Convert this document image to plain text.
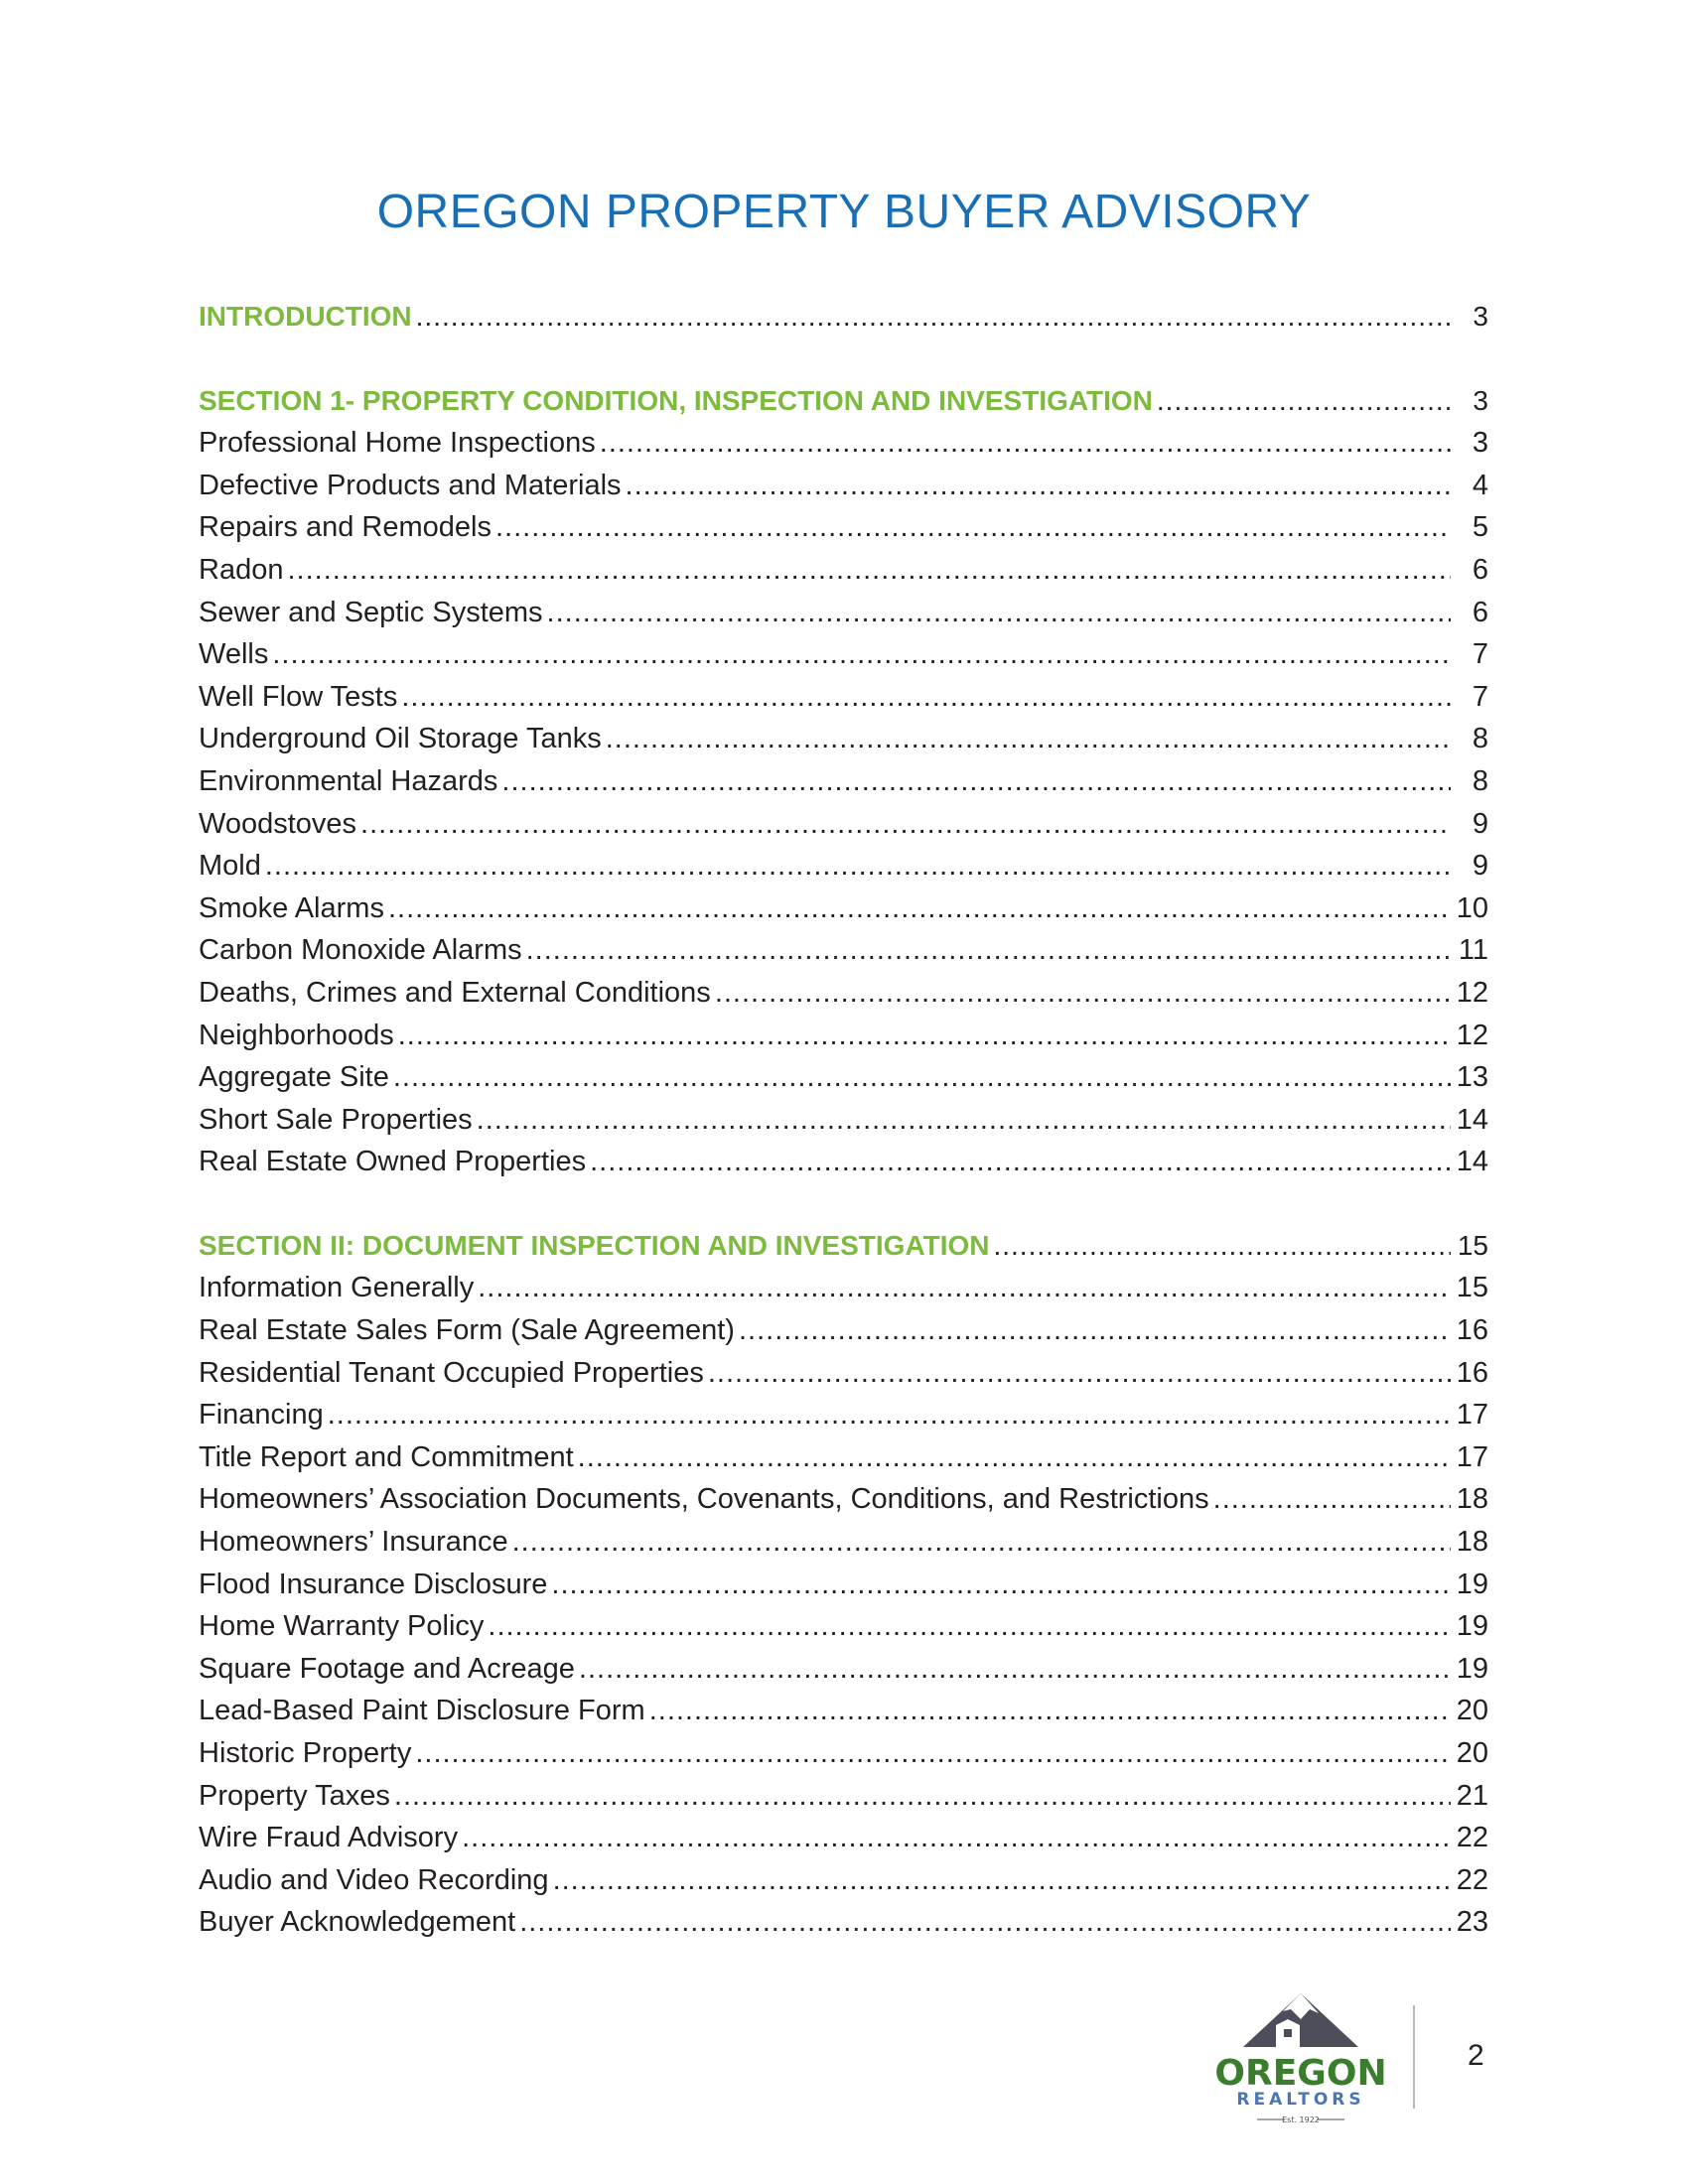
OREGON PROPERTY BUYER ADVISORY
INTRODUCTION .....	3
SECTION 1- PROPERTY CONDITION, INSPECTION AND INVESTIGATION .....	3
Professional Home Inspections .....	3
Defective Products and Materials .....	4
Repairs and Remodels .....	5
Radon .....	6
Sewer and Septic Systems .....	6
Wells .....	7
Well Flow Tests .....	7
Underground Oil Storage Tanks .....	8
Environmental Hazards .....	8
Woodstoves .....	9
Mold .....	9
Smoke Alarms .....	10
Carbon Monoxide Alarms .....	11
Deaths, Crimes and External Conditions .....	12
Neighborhoods .....	12
Aggregate Site .....	13
Short Sale Properties .....	14
Real Estate Owned Properties .....	14
SECTION II: DOCUMENT INSPECTION AND INVESTIGATION .....	15
Information Generally .....	15
Real Estate Sales Form (Sale Agreement) .....	16
Residential Tenant Occupied Properties .....	16
Financing .....	17
Title Report and Commitment .....	17
Homeowners’ Association Documents, Covenants, Conditions, and Restrictions .....	18
Homeowners’ Insurance .....	18
Flood Insurance Disclosure .....	19
Home Warranty Policy .....	19
Square Footage and Acreage .....	19
Lead-Based Paint Disclosure Form .....	20
Historic Property .....	20
Property Taxes .....	21
Wire Fraud Advisory .....	22
Audio and Video Recording .....	22
Buyer Acknowledgement .....	23
OREGON
REALTORS
Est. 1922
2
